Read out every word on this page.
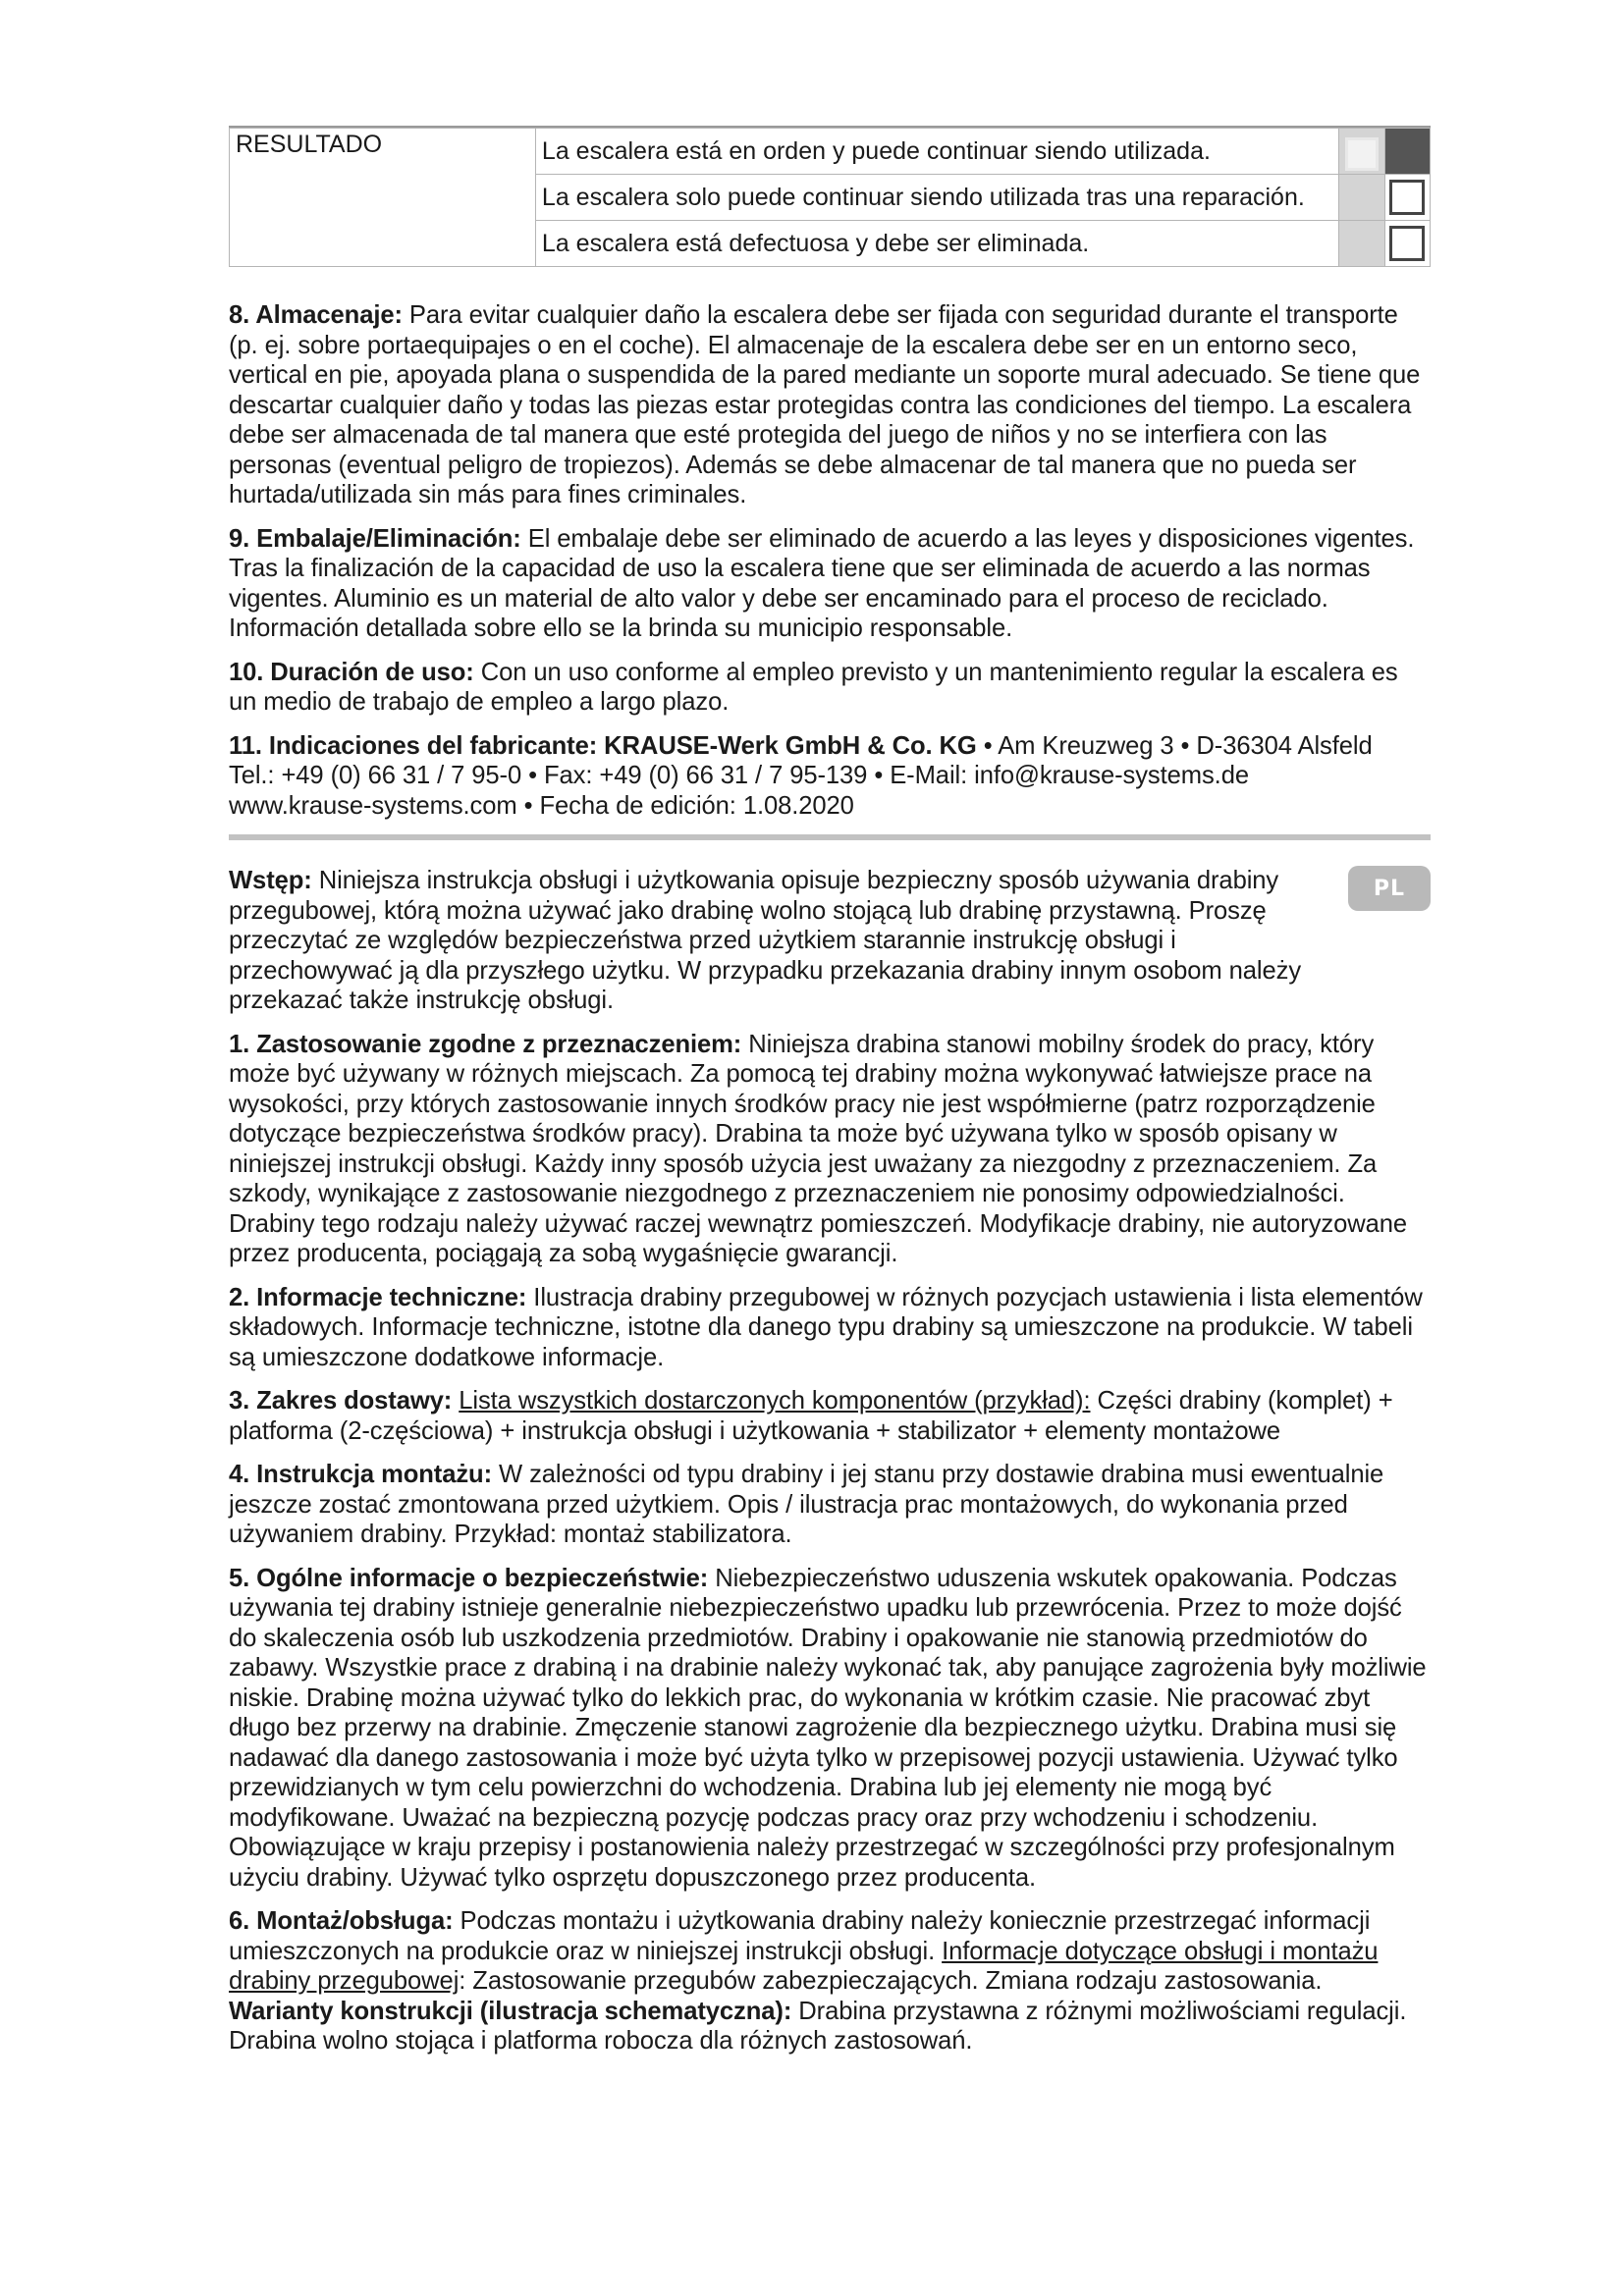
RESULTADO	La escalera está en orden y puede continuar siendo utilizada.	

	La escalera solo puede continuar siendo utilizada tras una reparación.		

	La escalera está defectuosa y debe ser eliminada.		

8. Almacenaje: Para evitar cualquier daño la escalera debe ser fijada con seguridad durante el transporte (p. ej. sobre portaequipajes o en el coche). El almacenaje de la escalera debe ser en un entorno seco, vertical en pie, apoyada plana o suspendida de la pared mediante un soporte mural adecuado. Se tiene que descartar cualquier daño y todas las piezas estar protegidas contra las condiciones del tiempo. La escalera debe ser almacenada de tal manera que esté protegida del juego de niños y no se interfiera con las personas (eventual peligro de tropiezos). Además se debe almacenar de tal manera que no pueda ser hurtada/utilizada sin más para fines criminales.

9. Embalaje/Eliminación: El embalaje debe ser eliminado de acuerdo a las leyes y disposiciones vigentes. Tras la finalización de la capacidad de uso la escalera tiene que ser eliminada de acuerdo a las normas vigentes. Aluminio es un material de alto valor y debe ser encaminado para el proceso de reciclado. Información detallada sobre ello se la brinda su municipio responsable.

10. Duración de uso: Con un uso conforme al empleo previsto y un mantenimiento regular la escalera es un medio de trabajo de empleo a largo plazo.

11. Indicaciones del fabricante: KRAUSE-Werk GmbH & Co. KG • Am Kreuzweg 3 • D-36304 Alsfeld
Tel.: +49 (0) 66 31 / 7 95-0 • Fax: +49 (0) 66 31 / 7 95-139 • E-Mail: info@krause-systems.de
www.krause-systems.com • Fecha de edición: 1.08.2020

PL

Wstęp: Niniejsza instrukcja obsługi i użytkowania opisuje bezpieczny sposób używania drabiny przegubowej, którą można używać jako drabinę wolno stojącą lub drabinę przystawną. Proszę przeczytać ze względów bezpieczeństwa przed użytkiem starannie instrukcję obsługi i przechowywać ją dla przyszłego użytku. W przypadku przekazania drabiny innym osobom należy przekazać także instrukcję obsługi.

1. Zastosowanie zgodne z przeznaczeniem: Niniejsza drabina stanowi mobilny środek do pracy, który może być używany w różnych miejscach. Za pomocą tej drabiny można wykonywać łatwiejsze prace na wysokości, przy których zastosowanie innych środków pracy nie jest współmierne (patrz rozporządzenie dotyczące bezpieczeństwa środków pracy). Drabina ta może być używana tylko w sposób opisany w niniejszej instrukcji obsługi. Każdy inny sposób użycia jest uważany za niezgodny z przeznaczeniem. Za szkody, wynikające z zastosowanie niezgodnego z przeznaczeniem nie ponosimy odpowiedzialności. Drabiny tego rodzaju należy używać raczej wewnątrz pomieszczeń. Modyfikacje drabiny, nie autoryzowane przez producenta, pociągają za sobą wygaśnięcie gwarancji.

2. Informacje techniczne: Ilustracja drabiny przegubowej w różnych pozycjach ustawienia i lista elementów składowych. Informacje techniczne, istotne dla danego typu drabiny są umieszczone na produkcie. W tabeli są umieszczone dodatkowe informacje.

3. Zakres dostawy: Lista wszystkich dostarczonych komponentów (przykład): Części drabiny (komplet) + platforma (2-częściowa) + instrukcja obsługi i użytkowania + stabilizator + elementy montażowe

4. Instrukcja montażu: W zależności od typu drabiny i jej stanu przy dostawie drabina musi ewentualnie jeszcze zostać zmontowana przed użytkiem. Opis / ilustracja prac montażowych, do wykonania przed używaniem drabiny. Przykład: montaż stabilizatora.

5. Ogólne informacje o bezpieczeństwie: Niebezpieczeństwo uduszenia wskutek opakowania. Podczas używania tej drabiny istnieje generalnie niebezpieczeństwo upadku lub przewrócenia. Przez to może dojść do skaleczenia osób lub uszkodzenia przedmiotów. Drabiny i opakowanie nie stanowią przedmiotów do zabawy. Wszystkie prace z drabiną i na drabinie należy wykonać tak, aby panujące zagrożenia były możliwie niskie. Drabinę można używać tylko do lekkich prac, do wykonania w krótkim czasie. Nie pracować zbyt długo bez przerwy na drabinie. Zmęczenie stanowi zagrożenie dla bezpiecznego użytku. Drabina musi się nadawać dla danego zastosowania i może być użyta tylko w przepisowej pozycji ustawienia. Używać tylko przewidzianych w tym celu powierzchni do wchodzenia. Drabina lub jej elementy nie mogą być modyfikowane. Uważać na bezpieczną pozycję podczas pracy oraz przy wchodzeniu i schodzeniu. Obowiązujące w kraju przepisy i postanowienia należy przestrzegać w szczególności przy profesjonalnym użyciu drabiny. Używać tylko osprzętu dopuszczonego przez producenta.

6. Montaż/obsługa: Podczas montażu i użytkowania drabiny należy koniecznie przestrzegać informacji umieszczonych na produkcie oraz w niniejszej instrukcji obsługi. Informacje dotyczące obsługi i montażu drabiny przegubowej: Zastosowanie przegubów zabezpieczających. Zmiana rodzaju zastosowania. Warianty konstrukcji (ilustracja schematyczna): Drabina przystawna z różnymi możliwościami regulacji. Drabina wolno stojąca i platforma robocza dla różnych zastosowań.
